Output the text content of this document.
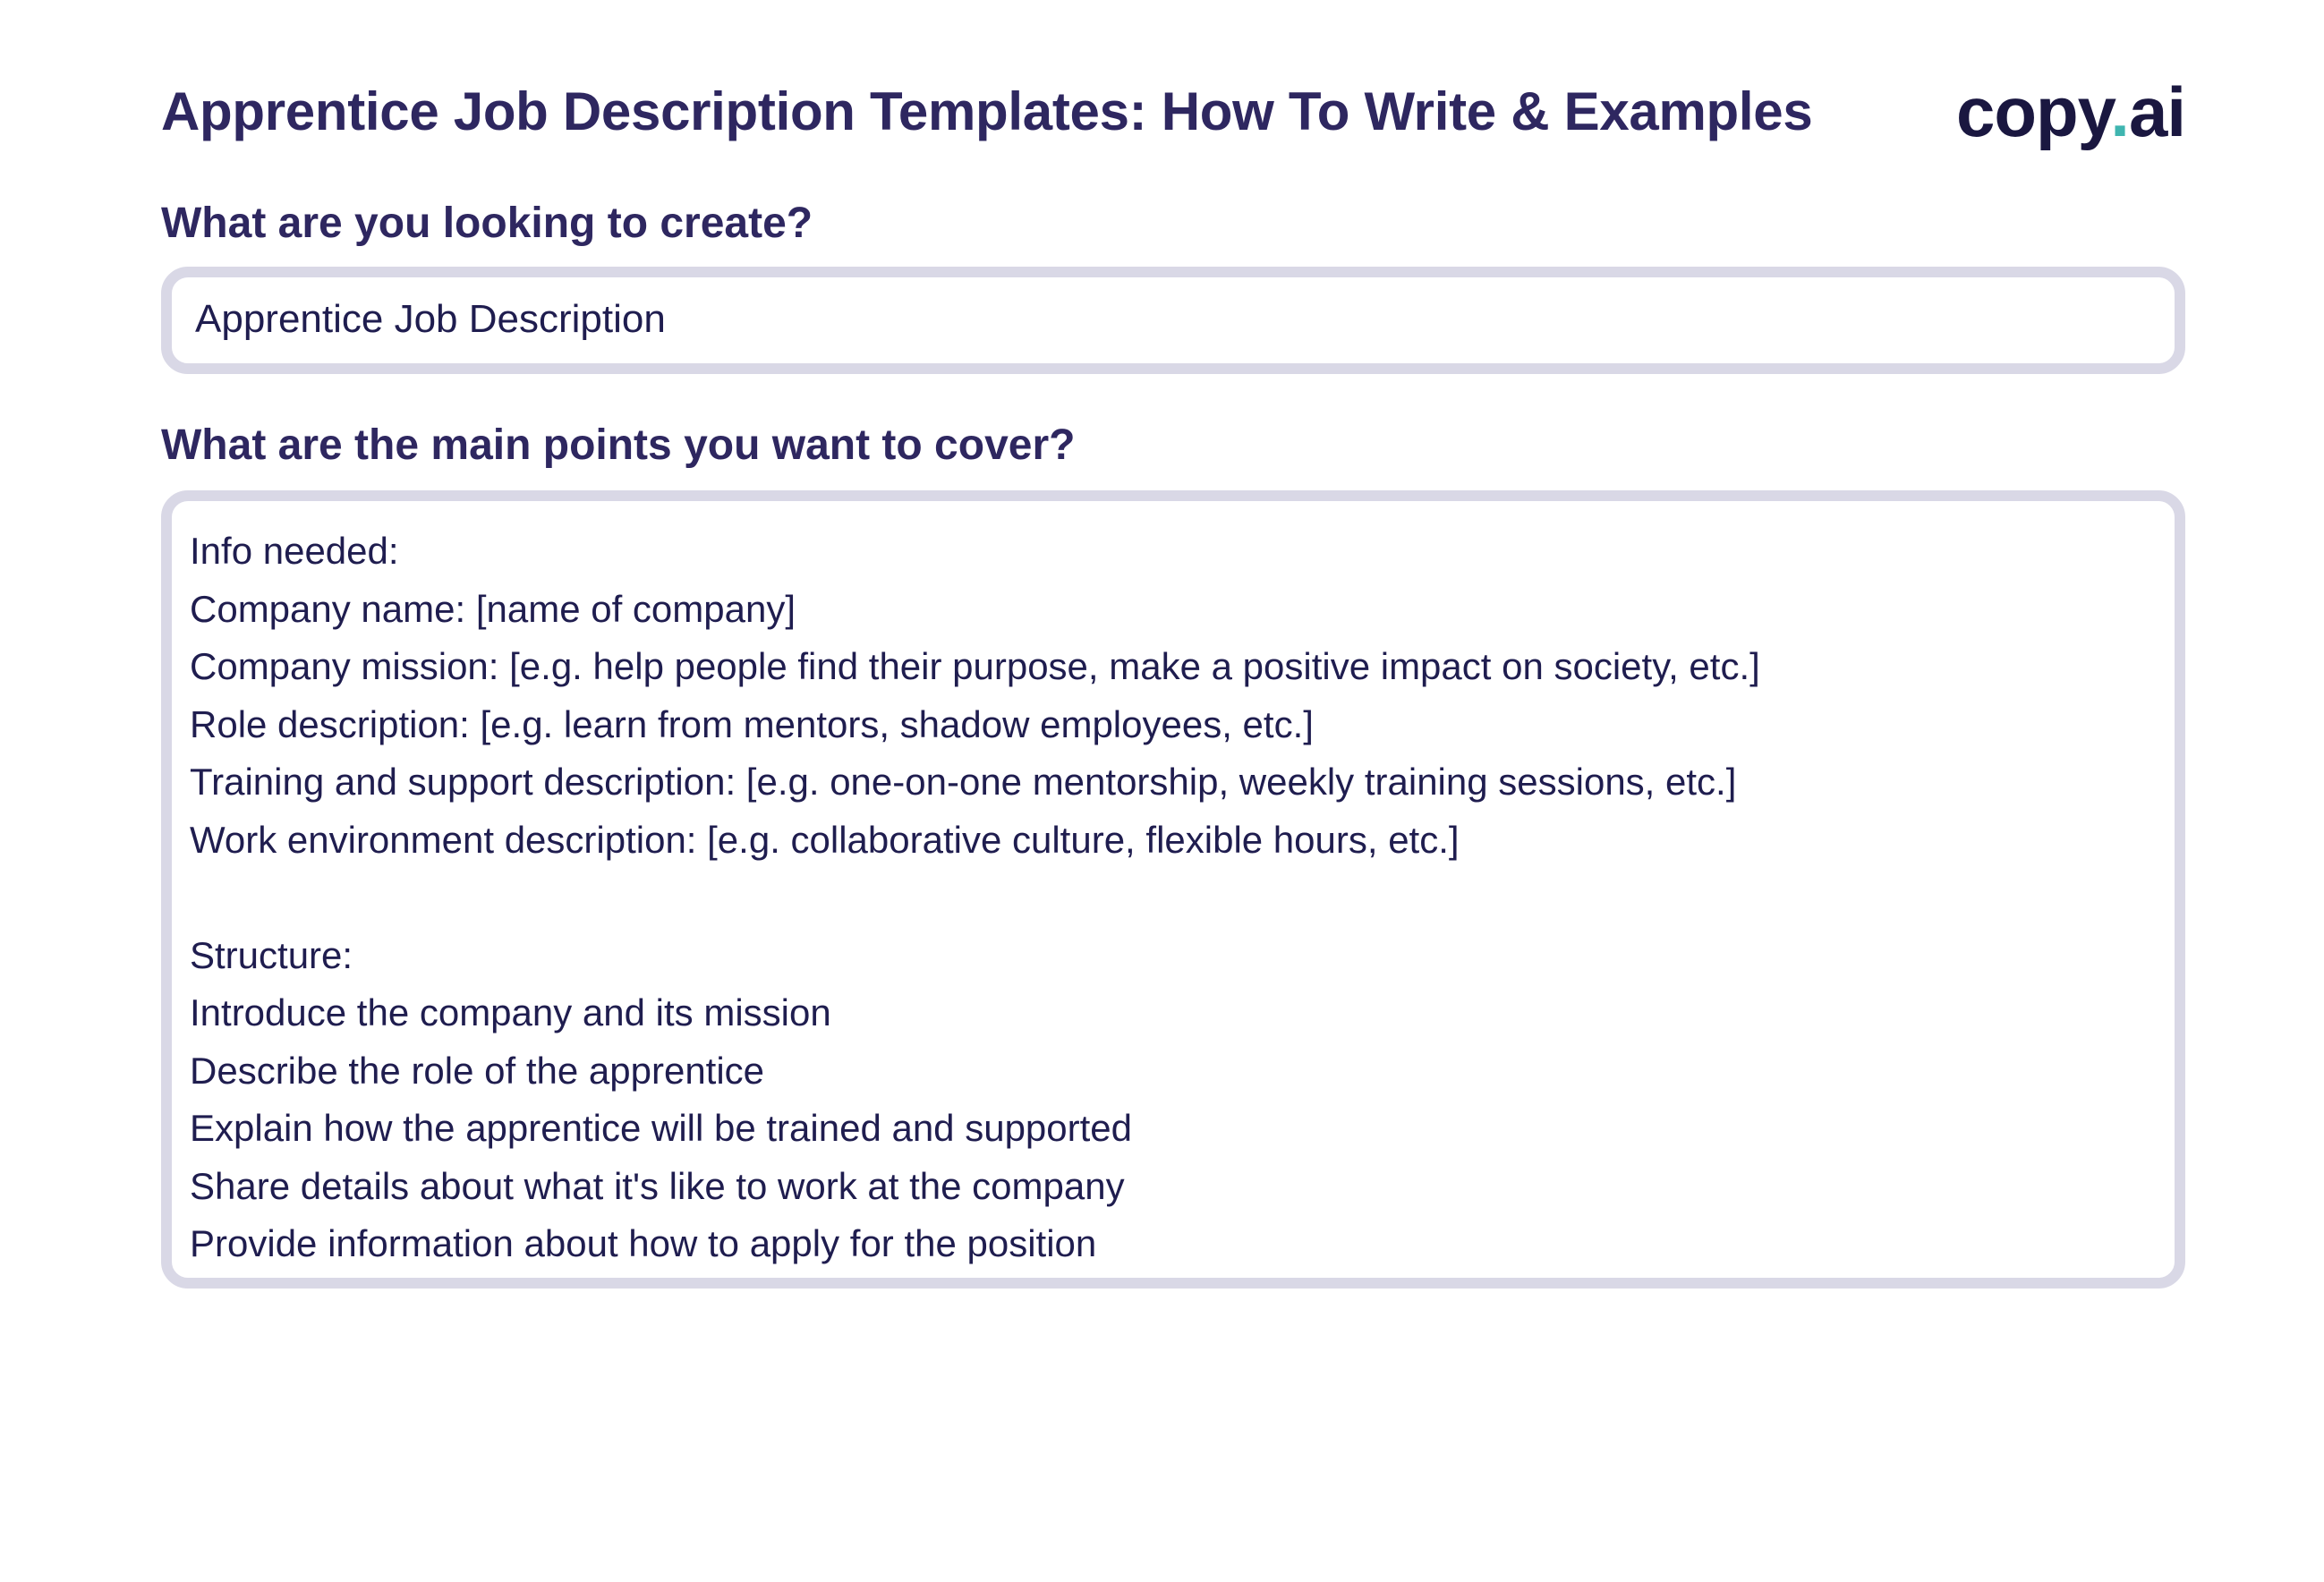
Apprentice Job Description Templates: How To Write & Examples copy.ai
What are you looking to create?
Apprentice Job Description
What are the main points you want to cover?
Info needed:
Company name: [name of company]
Company mission: [e.g. help people find their purpose, make a positive impact on society, etc.]
Role description: [e.g. learn from mentors, shadow employees, etc.]
Training and support description: [e.g. one-on-one mentorship, weekly training sessions, etc.]
Work environment description: [e.g. collaborative culture, flexible hours, etc.]
Structure:
Introduce the company and its mission
Describe the role of the apprentice
Explain how the apprentice will be trained and supported
Share details about what it's like to work at the company
Provide information about how to apply for the position
